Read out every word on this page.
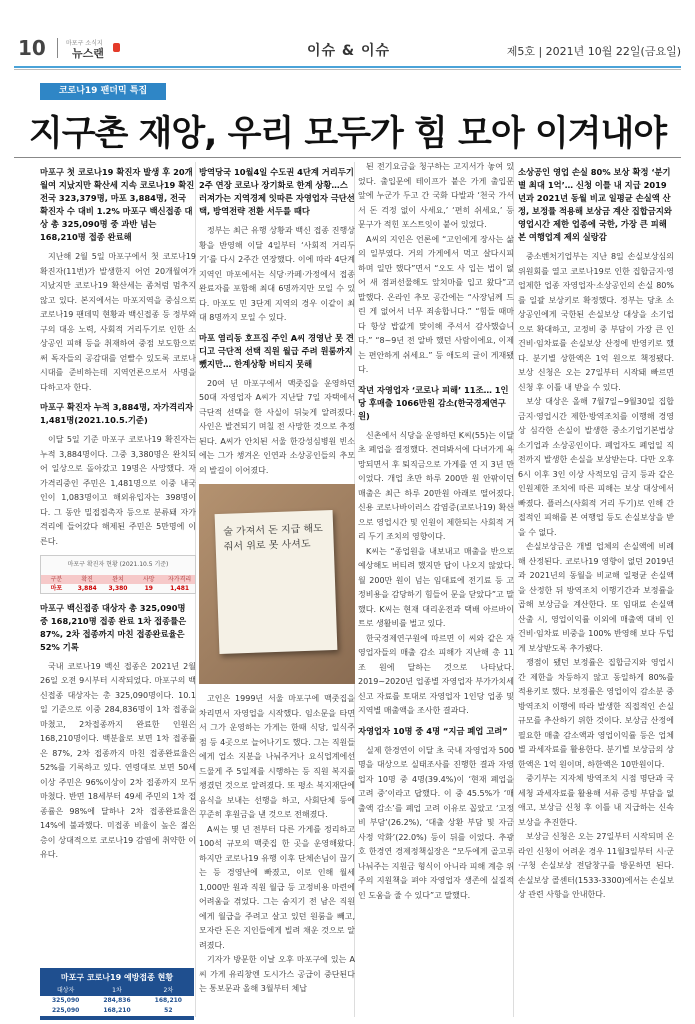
10	마포구 소식지
뉴스랜	이슈 & 이슈	제5호 | 2021년 10월 22일(금요일)
코로나19 팬더믹 특집
지구촌 재앙, 우리 모두가 힘 모아 이겨내야
마포구 첫 코로나19 확진자 발생 후 20개월여 지났지만 확산세 지속 코로나19 확진 전국 323,379명, 마포 3,884명, 전국 확진자 수 대비 1.2% 마포구 백신접종 대상 총 325,090명 중 과반 넘는 168,210명 접종 완료해

지난해 2월 5일 마포구에서 첫 코로나19 확진자(11번)가 발생한지 어언 20개월여가 지났지만 코로나19 확산세는 좀처럼 멈추지 않고 있다. 본지에서는 마포지역을 중심으로 코로나19 팬데믹 현황과 백신접종 등 정부와 구의 대응 노력, 사회적 거리두기로 인한 소상공인 피해 등을 취재하여 중점 보도함으로써 독자들의 공감대를 얻빨수 있도록 코로나 시대를 준비하는데 지역언론으로서 사명을 다하고자 한다.

마포구 확진자 누적 3,884명, 자가격리자 1,481명(2021.10.5.기준)

이달 5일 기준 마포구 코로나19 확진자는 누적 3,884명이다. 그중 3,380명은 완치되어 일상으로 돌아갔고 19명은 사망했다. 자가격리중인 주민은 1,481명으로 이중 내국인이 1,083명이고 해외유입자는 398명이다. 그 동안 밀접접촉자 등으로 분류돼 자가격리에 들어갔다 해제된 주민은 5만명에 이른다.

마포구 확진자 현황 (2021.10.5 기준)
구분	확진	완치	사망	자가격리
마포	3,884	3,380	19	1,481
마포구 백신접종 대상자 총 325,090명 중 168,210명 접종 완료 1차 접종률은 87%, 2차 접종까지 마친 접종완료율은 52% 기록

국내 코로나19 백신 접종은 2021년 2월 26일 오전 9시부터 시작되었다. 마포구의 백신접종 대상자는 총 325,090명이다. 10.1일 기준으로 이중 284,836명이 1차 접종을 마쳤고, 2차접종까지 완료한 인원은 168,210명이다. 백분율로 보면 1차 접종률은 87%, 2차 접종까지 마친 접종완료율은 52%를 기록하고 있다. 연령대로 보면 50세 이상 주민은 96%이상이 2차 접종까지 모두 마쳤다. 반면 18세부터 49세 주민의 1차 접종률은 98%에 달하나 2차 접종완료율은 14%에 불과했다. 미접종 비율이 높은 젊은 층이 상대적으로 코로나19 감염에 취약한 이유다.

마포구 코로나19 예방접종 현황
대상자	1차	2차
325,090	284,836	168,210
225,090	168,210	52
방역당국 10월4일 수도권 4단계 거리두기 2주 연장 코로나 장기화로 한계 상황…스러져가는 지역경제 잇따른 자영업자 극단선택, 방역전략 전환 서두를 때다

정부는 최근 유행 상황과 백신 접종 진행상황을 반영해 이달 4일부터 ‘사회적 거리두기’를 다시 2주간 연장했다. 이에 따라 4단계 지역인 마포에서는 식당·카페·가정에서 접종 완료자를 포함해 최대 6명까지만 모일 수 있다. 마포도 민 3단계 지역의 경우 이같이 최대 8명까지 모일 수 있다.

마포 염리동 호프집 주인 A씨 경영난 못 견디고 극단적 선택 직원 월급 주려 원룸까지 뺐지만… 한계상황 버티지 못해

20여 년 마포구에서 맥줏집을 운영하던 50대 자영업자 A씨가 지난달 7일 자택에서 극단적 선택을 한 사실이 뒤늦게 알려졌다. 사인은 발견되기 며칠 전 사망한 것으로 추정된다. A씨가 안치된 서울 한강성심병원 빈소에는 그가 챙겨온 인연과 소상공인들의 추모의 발길이 이어졌다.

술 가져서 돈 지급 해도 줘서 위로 못 사셔도

고인은 1999년 서울 마포구에 맥줏집을 차리면서 자영업을 시작했다. 임소문을 타면서 그가 운영하는 가게는 한때 식당, 일식주점 등 4곳으로 늘어나기도 했다. 그는 직원들에게 업소 지분을 나눠주거나 요식업계에선 드물게 주 5일제를 시행하는 등 직원 복지를 챙겼던 것으로 알려졌다. 또 평소 복지재단에 음식을 보내는 선행을 하고, 사회단체 등에 꾸준히 후원금을 낸 것으로 전해졌다.

A씨는 몇 년 전부터 다른 가게를 정리하고 100석 규모의 맥줏집 한 곳을 운영해왔다. 하지만 코로나19 유행 이후 단체손님이 끊기는 등 경영난에 빠졌고, 이로 인해 월세 1,000만 원과 직원 월급 등 고정비용 마련에 어려움을 겪었다. 그는 숨지기 전 남은 직원에게 월급을 주려고 살고 있던 원룸을 빼고, 모자란 돈은 지인들에게 빌려 채운 것으로 알려졌다.

기자가 방문한 이날 오후 마포구에 있는 A씨 가게 유리창엔 도시가스 공급이 중단된다는 통보문과 올해 3월부터 체납

된 전기요금을 청구하는 고지서가 놓여 있었다. 출입문에 테이프가 붙은 가게 출입문 앞에 누군가 두고 간 국화 다발과 ‘천국 가서서 돈 걱정 없이 사세요,’ ‘편히 쉬세요,’ 등 문구가 적힌 포스트잇이 붙어 있었다.

A씨의 지인은 언론에 “고인에게 장사는 삶의 일부였다. 거의 가게에서 먹고 살다시피 하며 일만 했다”면서 “오도 사 입는 법이 없어 새 점퍼선물해도 앞치마를 입고 왔다”고 말했다. 온라인 추모 공간에는 “사장님께 드린 게 없어서 너무 죄송합니다.” “힘들 때마다 항상 밥값게 맞이해 주셔서 감사했습니다.” “8~9년 전 알바 했던 사람이에요, 이제는 편안하게 쉬세요.” 등 애도의 글이 게재됐다.

작년 자영업자 ‘코로나 피해’ 11조… 1인당 후매출 1066만원 감소(한국경제연구원)

신촌에서 식당을 운영하던 K씨(55)는 이달 초 폐업을 결정했다. 견뎌봐서에 다녀가게 욕망되면서 후 퇴직금으로 가게를 연 지 3년 만이었다. 개업 초만 하루 200만 원 안팎이던 매출은 최근 하루 20만원 아래로 떨어졌다. 신용 코로나바이러스 감염증(코로나19) 확산으로 영업시간 및 인원이 제한되는 사회적 거리 두기 조치의 영향이다.

K씨는 “종업원을 내보내고 매출을 반으로 예상해도 버티려 했지만 답이 나오지 않았다. 월 200만 원이 넘는 임대료에 전기료 등 고정비용을 감당하기 힘들어 문을 닫았다”고 말했다. K씨는 현재 대리운전과 택배 아르바이트로 생활비를 벌고 있다.

한국경제연구원에 따르면 이 씨와 같은 자영업자들의 매출 감소 피해가 지난해 총 11조 원에 달하는 것으로 나타났다. 2019~2020년 업종별 자영업자 부가가치세 신고 자료를 토대로 자영업자 1인당 업종 및 지역별 매출액을 조사한 결과다.

자영업자 10명 중 4명 “지금 폐업 고려”

실제 한경연이 이달 초 국내 자영업자 500명을 대상으로 실태조사를 진행한 결과 자영업자 10명 중 4명(39.4%)이 ‘현재 폐업을 고려 중’이라고 답했다. 이 중 45.5%가 ‘매출액 감소’를 폐업 고려 이유로 꼽았고 ‘고정비 부담’(26.2%), ‘대출 상환 부담 및 자금 사정 악화’(22.0%) 등이 뒤를 이었다. 추광호 한경연 경제정책실장은 “모두에게 골고루 나눠주는 지원금 형식이 아니라 피해 계층 위주의 지원책을 펴야 자영업자 생존에 실질적인 도움을 줄 수 있다”고 말했다.

소상공인 영업 손실 80% 보상 확정 ‘분기별 최대 1억’… 신청 이틀 내 지급 2019년과 2021년 동월 비교 일평균 손실액 산정, 보정률 적용해 보상금 계산 집합금지와 영업시간 제한 업종에 국한, 가장 큰 피해 본 여행업계 제외 실랑감

중소벤처기업부는 지난 8일 손실보상심의위원회를 열고 코로나19로 인한 집합금지·영업제한 업종 자영업자·소상공인의 손실 80%를 일괄 보상키로 확정했다. 정부는 당초 소상공인에게 국한된 손실보상 대상을 소기업으로 확대하고, 고정비 중 부담이 가장 큰 인건비·임차료를 손실보상 산정에 반영키로 했다. 분기별 상한액은 1억 원으로 책정됐다. 보상 신청은 오는 27일부터 시작돼 빠르면 신청 후 이틀 내 받을 수 있다.

보상 대상은 올해 7월7일~9월30일 집합금지·영업시간 제한·방역조치를 이행해 경영상 심각한 손실이 발생한 중소기업기본법상 소기업과 소상공인이다. 폐업자도 폐업일 직전까지 발생한 손실을 보상받는다. 다만 오후 6시 이후 3인 이상 사적모임 금지 등과 같은 인원제한 조치에 따른 피해는 보상 대상에서 빠졌다. 플러스(사회적 거리 두기)로 인해 간접적인 피해를 본 여행업 등도 손실보상을 받을 수 없다.

손실보상금은 개별 업체의 손실액에 비례해 산정된다. 코로나19 영향이 없던 2019년과 2021년의 동월을 비교해 일평균 손실액을 산정한 뒤 방역조치 이행기간과 보정률을 곱해 보상금을 계산한다. 또 임대료 손실액 산출 시, 영업이익률 이외에 매출액 대비 인건비·임차료 비중을 100% 반영해 보다 두텁게 보상받도록 추가됐다.

쟁점이 됐던 보정률은 집합금지와 영업시간 제한을 차등하지 않고 동일하게 80%를 적용키로 했다. 보정률은 영업이익 감소분 중 방역조치 이행에 따라 발생한 직접적인 손실 규모를 추산하기 위한 것이다. 보상금 산정에 필요한 매출 감소액과 영업이익률 등은 업체별 과세자료를 활용한다. 분기별 보상금의 상한액은 1억 원이며, 하한액은 10만원이다.

중기부는 지자체 방역조치 시점 명단과 국세청 과세자료를 활용해 서류 증빙 부담을 없애고, 보상금 신청 후 이틀 내 지급하는 신속보상을 추진한다.

보상금 신청은 오는 27일부터 시작되며 온라인 신청이 어려운 경우 11월3일부터 시·군·구청 손실보상 전담창구를 방문하면 된다. 손실보상 콜센터(1533-3300)에서는 손실보상 관련 사항을 안내한다.
